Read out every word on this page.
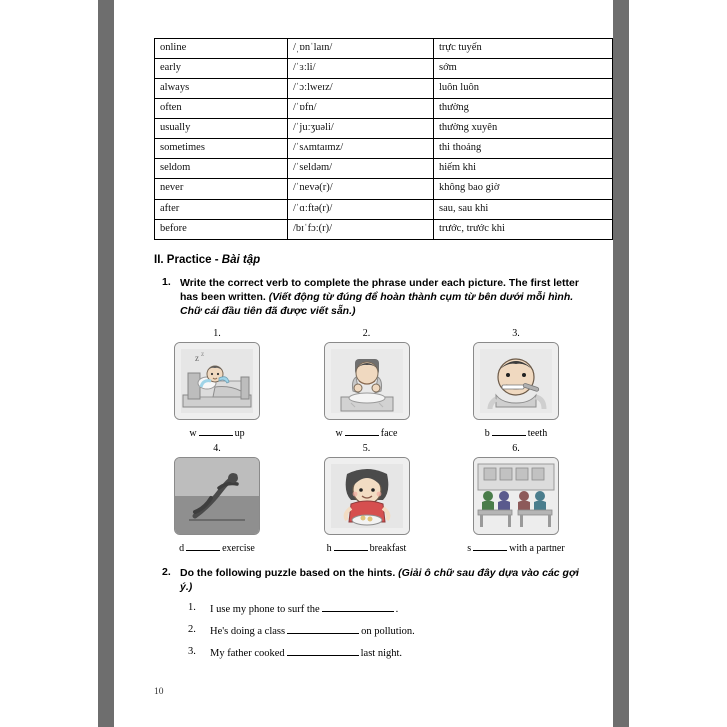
online	/ˌɒnˈlaɪn/	trực tuyến
early	/ˈɜːli/	sớm
always	/ˈɔːlweɪz/	luôn luôn
often	/ˈɒfn/	thường
usually	/ˈjuːʒuəli/	thường xuyên
sometimes	/ˈsʌmtaɪmz/	thi thoảng
seldom	/ˈseldəm/	hiếm khi
never	/ˈnevə(r)/	không bao giờ
after	/ˈɑːftə(r)/	sau, sau khi
before	/bɪˈfɔː(r)/	trước, trước khi
II. Practice - Bài tập
1. Write the correct verb to complete the phrase under each picture. The first letter has been written. (Viết động từ đúng để hoàn thành cụm từ bên dưới mỗi hình. Chữ cái đầu tiên đã được viết sẵn.)
1.
z z
w	up
2.
w	face
3.
b	teeth
4.
d	exercise
5.
h	breakfast
6.
s	with a partner
2. Do the following puzzle based on the hints. (Giải ô chữ sau đây dựa vào các gợi ý.)
1.	I use my phone to surf the	.
2.	He's doing a class	on pollution.
3.	My father cooked	last night.
10
